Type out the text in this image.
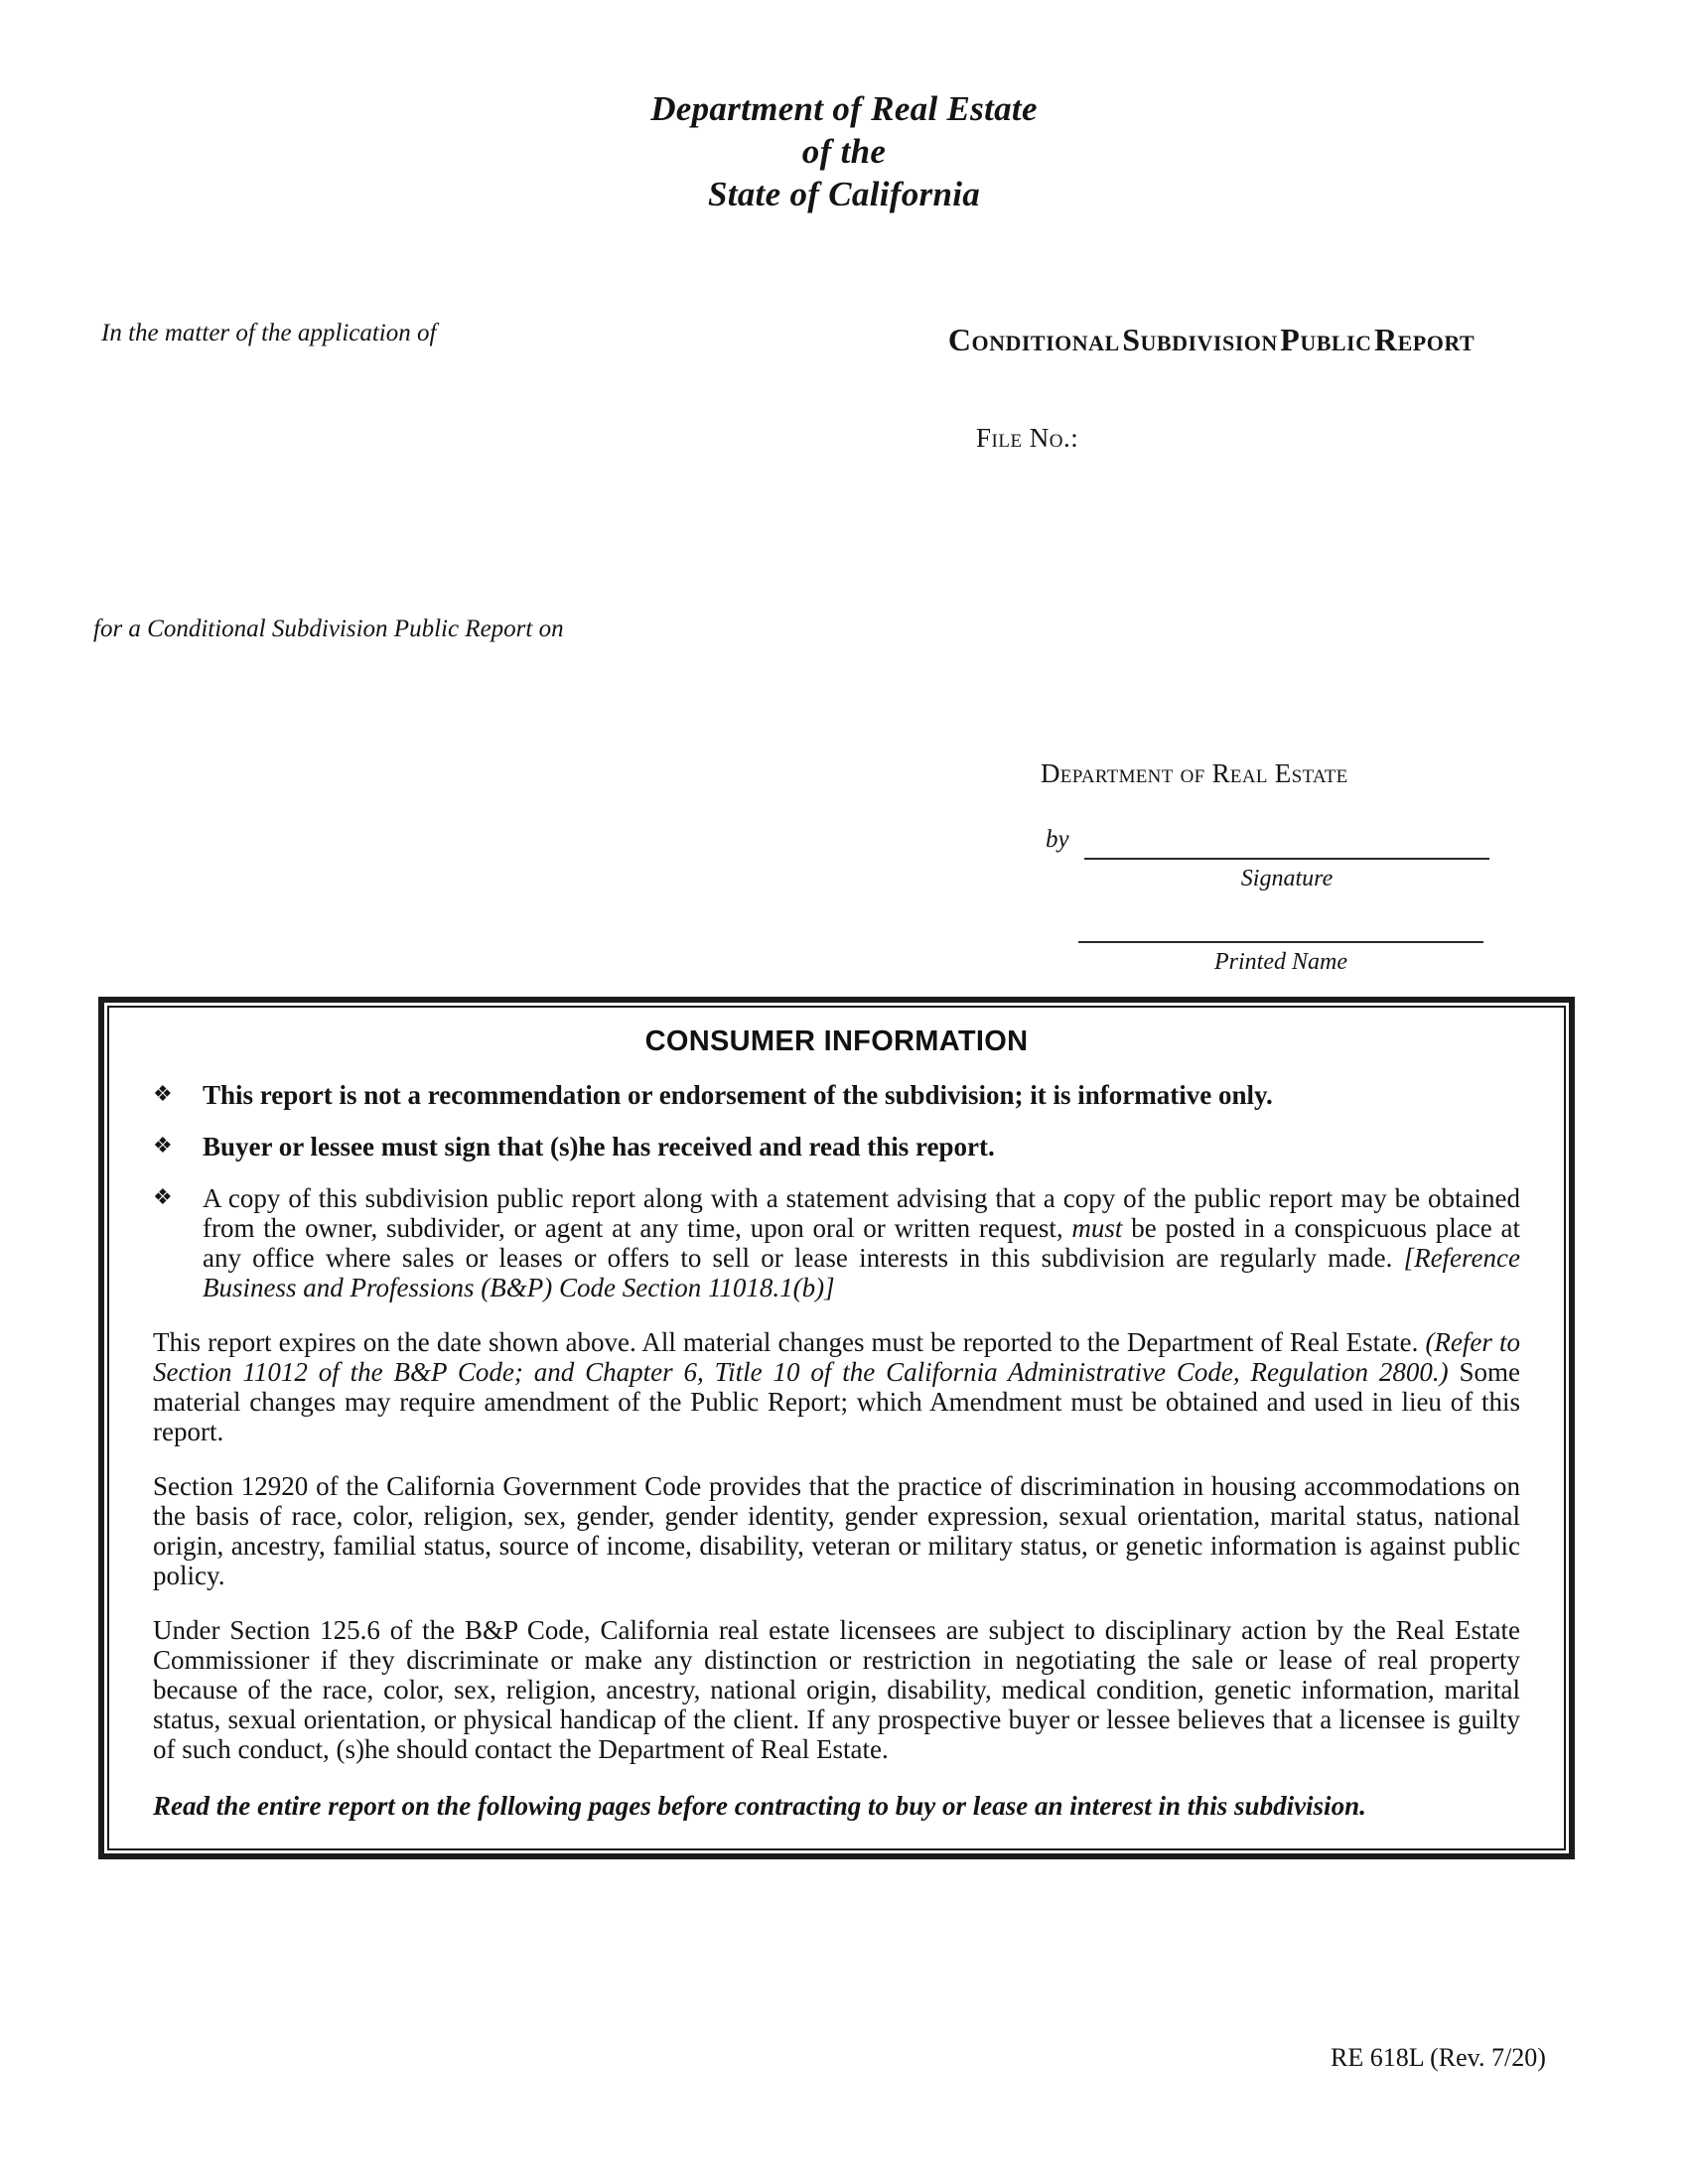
Department of Real Estate
of the
State of California
In the matter of the application of	Conditional Subdivision Public Report
File No.:
for a Conditional Subdivision Public Report on
Department of Real Estate
by
Signature
Printed Name
CONSUMER INFORMATION
❖	This report is not a recommendation or endorsement of the subdivision; it is informative only.

❖	Buyer or lessee must sign that (s)he has received and read this report.

❖	A copy of this subdivision public report along with a statement advising that a copy of the public report may be obtained from the owner, subdivider, or agent at any time, upon oral or written request, must be posted in a conspicuous place at any office where sales or leases or offers to sell or lease interests in this subdivision are regularly made. [Reference Business and Professions (B&P) Code Section 11018.1(b)]

This report expires on the date shown above. All material changes must be reported to the Department of Real Estate. (Refer to Section 11012 of the B&P Code; and Chapter 6, Title 10 of the California Administrative Code, Regulation 2800.) Some material changes may require amendment of the Public Report; which Amendment must be obtained and used in lieu of this report.

Section 12920 of the California Government Code provides that the practice of discrimination in housing accommodations on the basis of race, color, religion, sex, gender, gender identity, gender expression, sexual orientation, marital status, national origin, ancestry, familial status, source of income, disability, veteran or military status, or genetic information is against public policy.

Under Section 125.6 of the B&P Code, California real estate licensees are subject to disciplinary action by the Real Estate Commissioner if they discriminate or make any distinction or restriction in negotiating the sale or lease of real property because of the race, color, sex, religion, ancestry, national origin, disability, medical condition, genetic information, marital status, sexual orientation, or physical handicap of the client. If any prospective buyer or lessee believes that a licensee is guilty of such conduct, (s)he should contact the Department of Real Estate.

Read the entire report on the following pages before contracting to buy or lease an interest in this subdivision.

RE 618L (Rev. 7/20)
